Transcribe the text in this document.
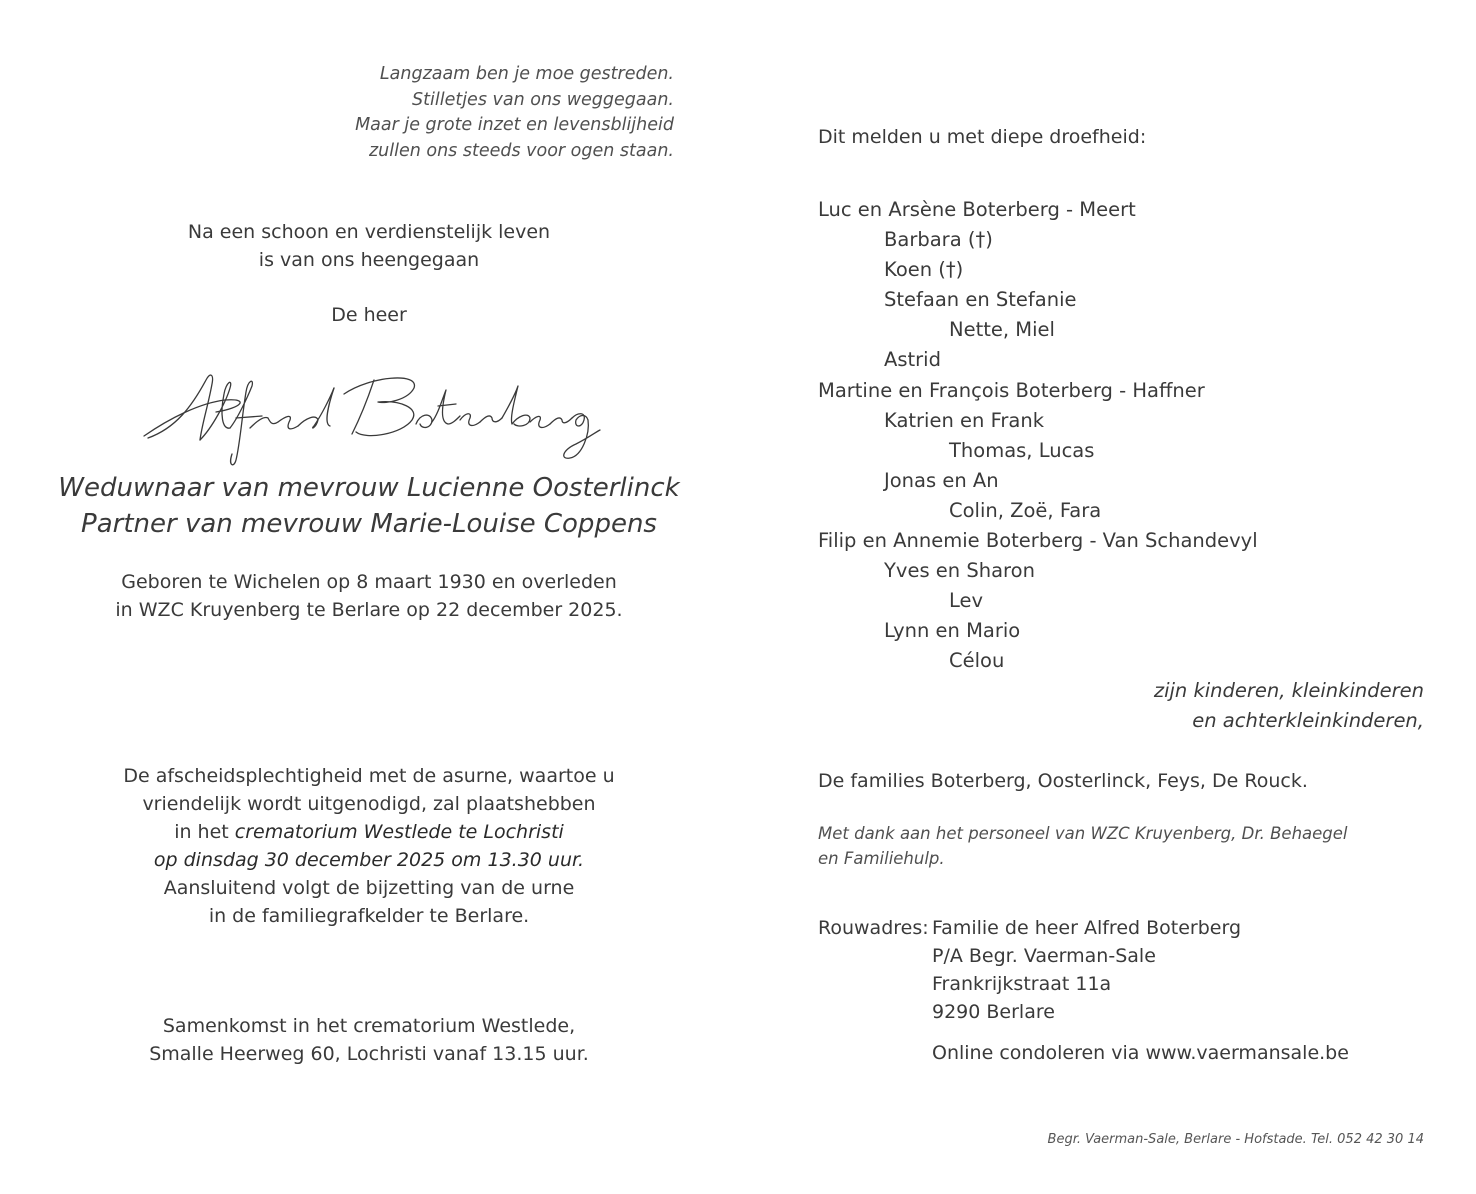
Langzaam ben je moe gestreden.
Stilletjes van ons weggegaan.
Maar je grote inzet en levensblijheid
zullen ons steeds voor ogen staan.
Na een schoon en verdienstelijk leven
is van ons heengegaan
De heer
Weduwnaar van mevrouw Lucienne Oosterlinck
Partner van mevrouw Marie-Louise Coppens
Geboren te Wichelen op 8 maart 1930 en overleden
in WZC Kruyenberg te Berlare op 22 december 2025.
De afscheidsplechtigheid met de asurne, waartoe u
vriendelijk wordt uitgenodigd, zal plaatshebben
in het crematorium Westlede te Lochristi
op dinsdag 30 december 2025 om 13.30 uur.
Aansluitend volgt de bijzetting van de urne
in de familiegrafkelder te Berlare.
Samenkomst in het crematorium Westlede,
Smalle Heerweg 60, Lochristi vanaf 13.15 uur.
Dit melden u met diepe droefheid:
Luc en Arsène Boterberg - Meert
Barbara (†)
Koen (†)
Stefaan en Stefanie
Nette, Miel
Astrid
Martine en François Boterberg - Haffner
Katrien en Frank
Thomas, Lucas
Jonas en An
Colin, Zoë, Fara
Filip en Annemie Boterberg - Van Schandevyl
Yves en Sharon
Lev
Lynn en Mario
Célou
zijn kinderen, kleinkinderen
en achterkleinkinderen,
De families Boterberg, Oosterlinck, Feys, De Rouck.
Met dank aan het personeel van WZC Kruyenberg, Dr. Behaegel
en Familiehulp.
Rouwadres: Familie de heer Alfred Boterberg
P/A Begr. Vaerman-Sale
Frankrijkstraat 11a
9290 Berlare
Online condoleren via www.vaermansale.be
Begr. Vaerman-Sale, Berlare - Hofstade. Tel. 052 42 30 14
